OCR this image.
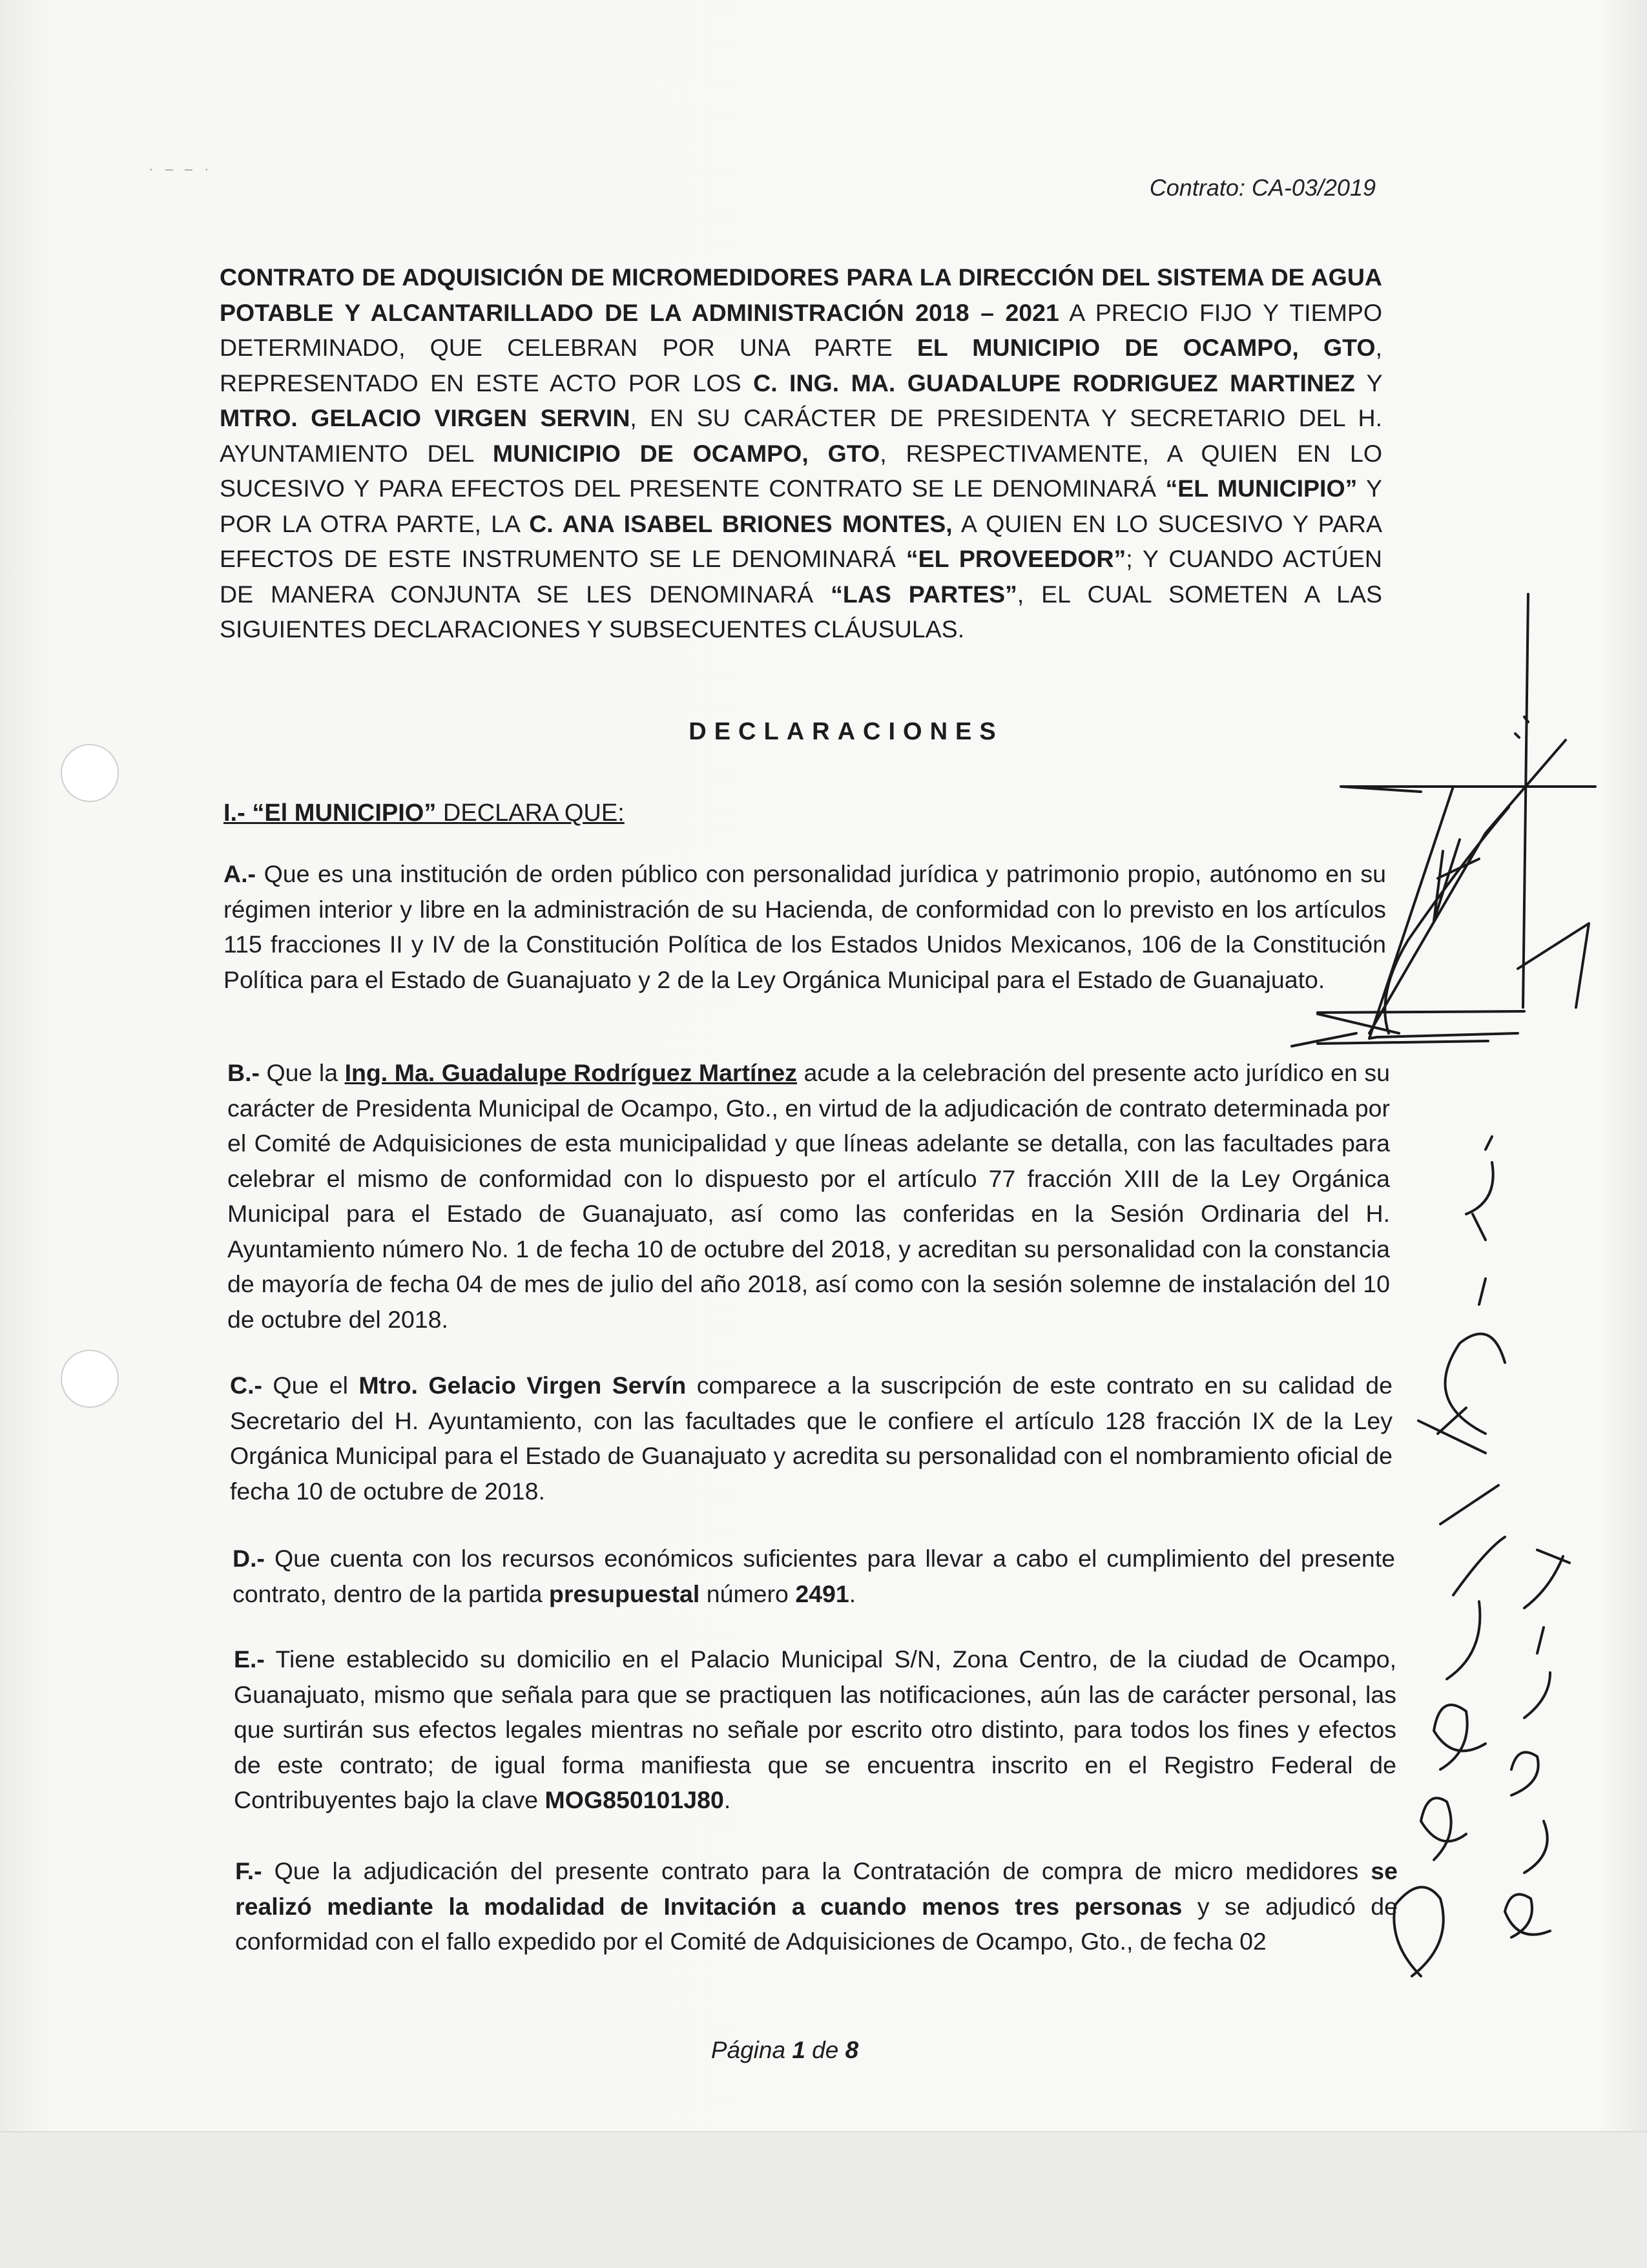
· ‒ ‒ ·
Contrato: CA-03/2019
CONTRATO DE ADQUISICIÓN DE MICROMEDIDORES PARA LA DIRECCIÓN DEL SISTEMA DE AGUA POTABLE Y ALCANTARILLADO DE LA ADMINISTRACIÓN 2018 – 2021 A PRECIO FIJO Y TIEMPO DETERMINADO, QUE CELEBRAN POR UNA PARTE EL MUNICIPIO DE OCAMPO, GTO, REPRESENTADO EN ESTE ACTO POR LOS C. ING. MA. GUADALUPE RODRIGUEZ MARTINEZ Y MTRO. GELACIO VIRGEN SERVIN, EN SU CARÁCTER DE PRESIDENTA Y SECRETARIO DEL H. AYUNTAMIENTO DEL MUNICIPIO DE OCAMPO, GTO, RESPECTIVAMENTE, A QUIEN EN LO SUCESIVO Y PARA EFECTOS DEL PRESENTE CONTRATO SE LE DENOMINARÁ “EL MUNICIPIO” Y POR LA OTRA PARTE, LA C. ANA ISABEL BRIONES MONTES, A QUIEN EN LO SUCESIVO Y PARA EFECTOS DE ESTE INSTRUMENTO SE LE DENOMINARÁ “EL PROVEEDOR”; Y CUANDO ACTÚEN DE MANERA CONJUNTA SE LES DENOMINARÁ “LAS PARTES”, EL CUAL SOMETEN A LAS SIGUIENTES DECLARACIONES Y SUBSECUENTES CLÁUSULAS.
DECLARACIONES
I.- “El MUNICIPIO” DECLARA QUE:
A.- Que es una institución de orden público con personalidad jurídica y patrimonio propio, autónomo en su régimen interior y libre en la administración de su Hacienda, de conformidad con lo previsto en los artículos 115 fracciones II y IV de la Constitución Política de los Estados Unidos Mexicanos, 106 de la Constitución Política para el Estado de Guanajuato y 2 de la Ley Orgánica Municipal para el Estado de Guanajuato.
B.- Que la Ing. Ma. Guadalupe Rodríguez Martínez acude a la celebración del presente acto jurídico en su carácter de Presidenta Municipal de Ocampo, Gto., en virtud de la adjudicación de contrato determinada por el Comité de Adquisiciones de esta municipalidad y que líneas adelante se detalla, con las facultades para celebrar el mismo de conformidad con lo dispuesto por el artículo 77 fracción XIII de la Ley Orgánica Municipal para el Estado de Guanajuato, así como las conferidas en la Sesión Ordinaria del H. Ayuntamiento número No. 1 de fecha 10 de octubre del 2018, y acreditan su personalidad con la constancia de mayoría de fecha 04 de mes de julio del año 2018, así como con la sesión solemne de instalación del 10 de octubre del 2018.
C.- Que el Mtro. Gelacio Virgen Servín comparece a la suscripción de este contrato en su calidad de Secretario del H. Ayuntamiento, con las facultades que le confiere el artículo 128 fracción IX de la Ley Orgánica Municipal para el Estado de Guanajuato y acredita su personalidad con el nombramiento oficial de fecha 10 de octubre de 2018.
D.- Que cuenta con los recursos económicos suficientes para llevar a cabo el cumplimiento del presente contrato, dentro de la partida presupuestal número 2491.
E.- Tiene establecido su domicilio en el Palacio Municipal S/N, Zona Centro, de la ciudad de Ocampo, Guanajuato, mismo que señala para que se practiquen las notificaciones, aún las de carácter personal, las que surtirán sus efectos legales mientras no señale por escrito otro distinto, para todos los fines y efectos de este contrato; de igual forma manifiesta que se encuentra inscrito en el Registro Federal de Contribuyentes bajo la clave MOG850101J80.
F.- Que la adjudicación del presente contrato para la Contratación de compra de micro medidores se realizó mediante la modalidad de Invitación a cuando menos tres personas y se adjudicó de conformidad con el fallo expedido por el Comité de Adquisiciones de Ocampo, Gto., de fecha 02
Página 1 de 8
